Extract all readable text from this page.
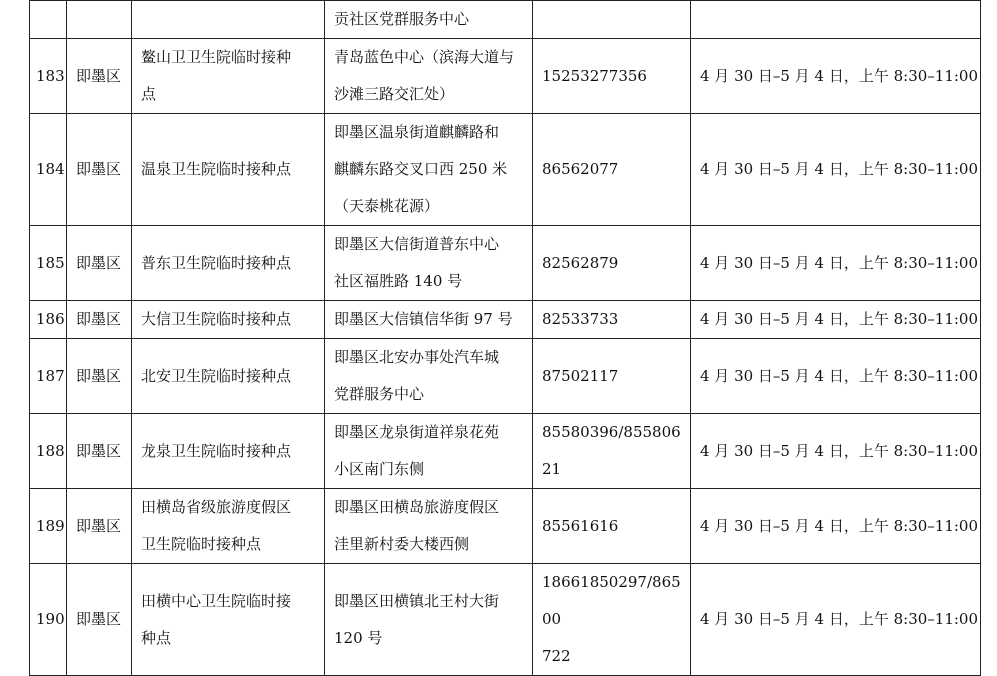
			贡社区党群服务中心		
183	即墨区	鳌山卫卫生院临时接种
点	青岛蓝色中心（滨海大道与
沙滩三路交汇处）	15253277356	4 月 30 日–5 月 4 日，上午 8:30–11:00
184	即墨区	温泉卫生院临时接种点	即墨区温泉街道麒麟路和
麒麟东路交叉口西 250 米
（天泰桃花源）	86562077	4 月 30 日–5 月 4 日，上午 8:30–11:00
185	即墨区	普东卫生院临时接种点	即墨区大信街道普东中心
社区福胜路 140 号	82562879	4 月 30 日–5 月 4 日，上午 8:30–11:00
186	即墨区	大信卫生院临时接种点	即墨区大信镇信华街 97 号	82533733	4 月 30 日–5 月 4 日，上午 8:30–11:00
187	即墨区	北安卫生院临时接种点	即墨区北安办事处汽车城
党群服务中心	87502117	4 月 30 日–5 月 4 日，上午 8:30–11:00
188	即墨区	龙泉卫生院临时接种点	即墨区龙泉街道祥泉花苑
小区南门东侧	85580396/85580621	4 月 30 日–5 月 4 日，上午 8:30–11:00
189	即墨区	田横岛省级旅游度假区
卫生院临时接种点	即墨区田横岛旅游度假区
洼里新村委大楼西侧	85561616	4 月 30 日–5 月 4 日，上午 8:30–11:00
190	即墨区	田横中心卫生院临时接
种点	即墨区田横镇北王村大街
120 号	18661850297/86500
722	4 月 30 日–5 月 4 日，上午 8:30–11:00
